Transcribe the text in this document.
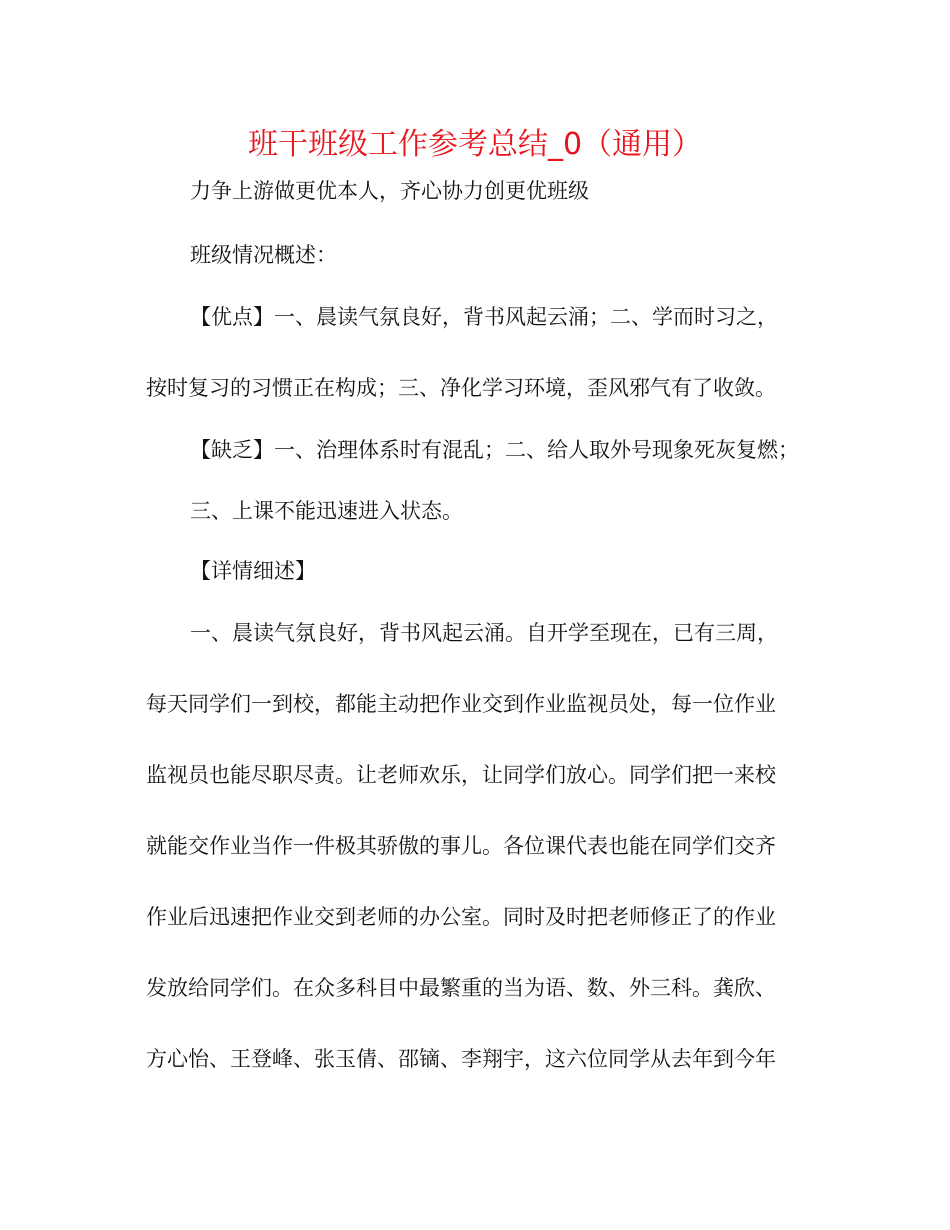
班干班级工作参考总结_0（通用）
力争上游做更优本人，齐心协力创更优班级
班级情况概述：
【优点】一、晨读气氛良好，背书风起云涌；二、学而时习之，
按时复习的习惯正在构成；三、净化学习环境，歪风邪气有了收敛。
【缺乏】一、治理体系时有混乱；二、给人取外号现象死灰复燃；
三、上课不能迅速进入状态。
【详情细述】
一、晨读气氛良好，背书风起云涌。自开学至现在，已有三周，
每天同学们一到校，都能主动把作业交到作业监视员处，每一位作业
监视员也能尽职尽责。让老师欢乐，让同学们放心。同学们把一来校
就能交作业当作一件极其骄傲的事儿。各位课代表也能在同学们交齐
作业后迅速把作业交到老师的办公室。同时及时把老师修正了的作业
发放给同学们。在众多科目中最繁重的当为语、数、外三科。龚欣、
方心怡、王登峰、张玉倩、邵镝、李翔宇，这六位同学从去年到今年
